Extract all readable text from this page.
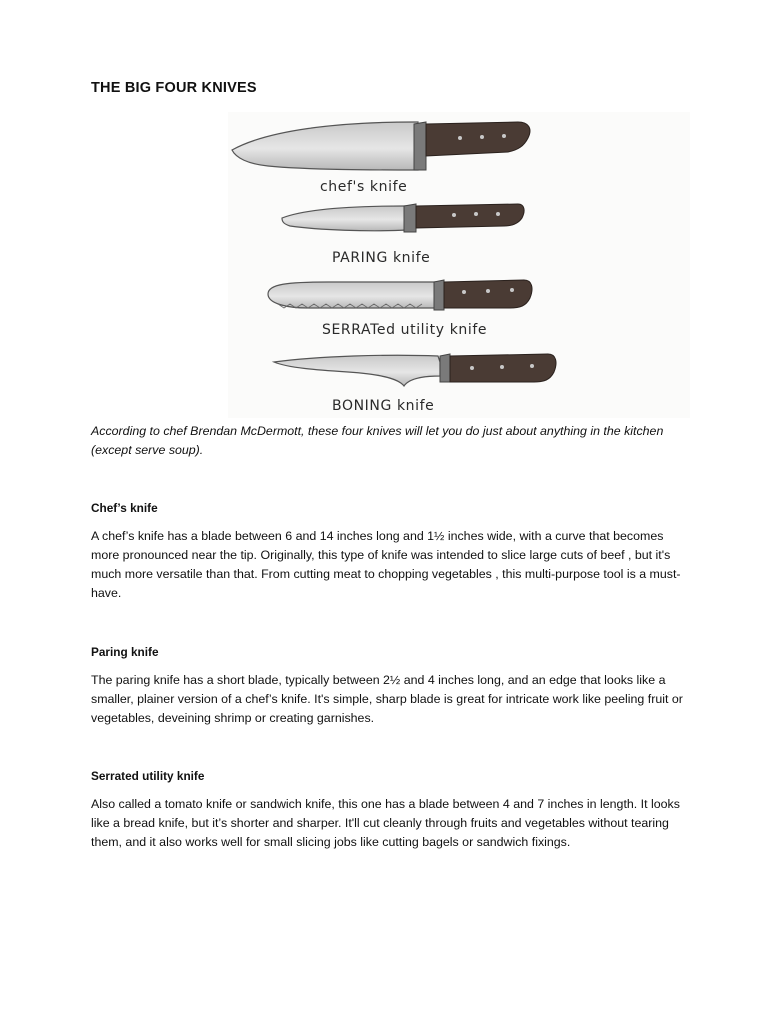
THE BIG FOUR KNIVES
chef's knife
PARING knife
SERRATed utility knife
BONING knife
According to chef Brendan McDermott, these four knives will let you do just about anything in the kitchen (except serve soup).
Chef’s knife

A chef’s knife has a blade between 6 and 14 inches long and 1½ inches wide, with a curve that becomes more pronounced near the tip. Originally, this type of knife was intended to slice large cuts of beef , but it's much more versatile than that. From cutting meat to chopping vegetables , this multi-purpose tool is a must-have.

Paring knife

The paring knife has a short blade, typically between 2½ and 4 inches long, and an edge that looks like a smaller, plainer version of a chef’s knife. It's simple, sharp blade is great for intricate work like peeling fruit or vegetables, deveining shrimp or creating garnishes.

Serrated utility knife

Also called a tomato knife or sandwich knife, this one has a blade between 4 and 7 inches in length. It looks like a bread knife, but it’s shorter and sharper. It'll cut cleanly through fruits and vegetables without tearing them, and it also works well for small slicing jobs like cutting bagels or sandwich fixings.
